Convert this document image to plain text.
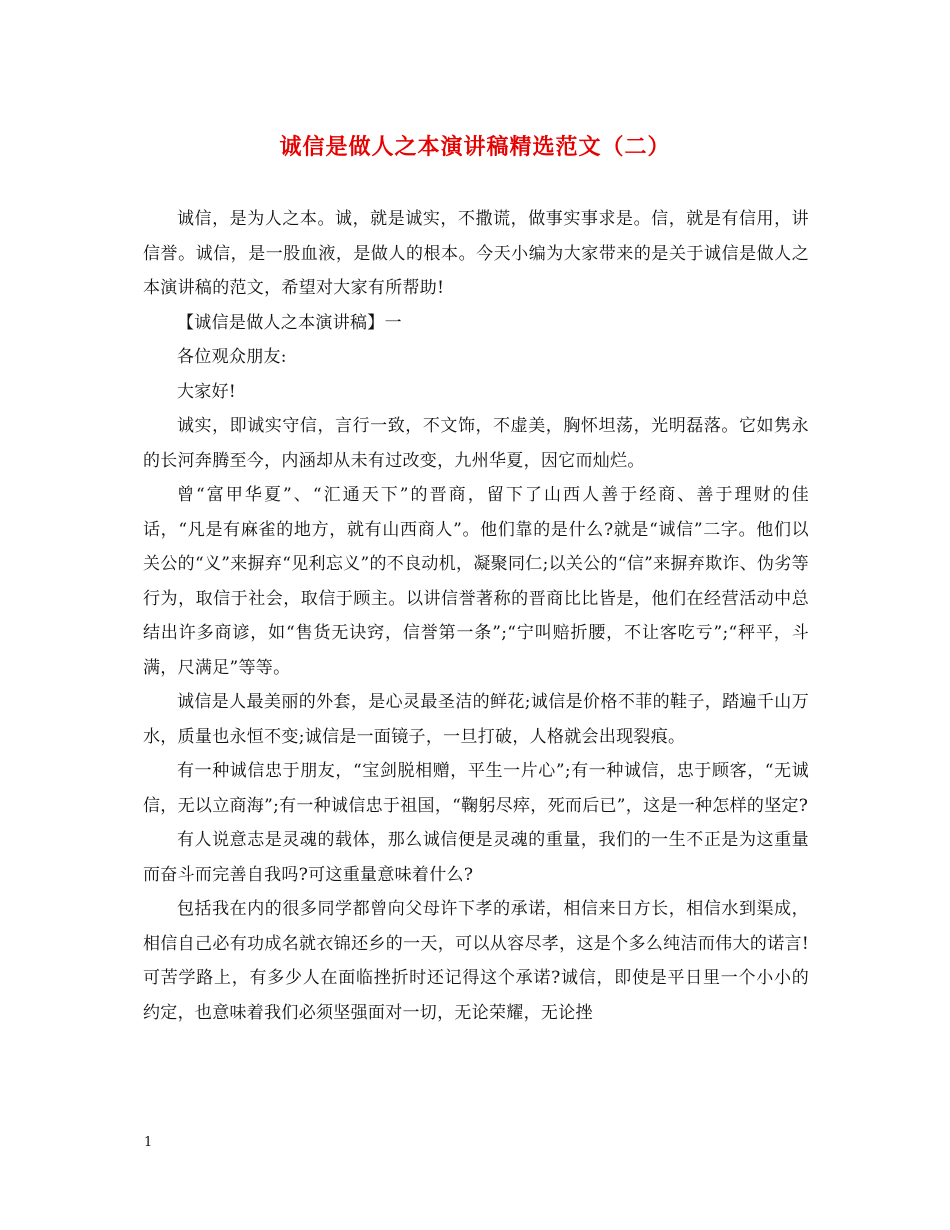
诚信是做人之本演讲稿精选范文（二）

诚信，是为人之本。诚，就是诚实，不撒谎，做事实事求是。信，就是有信用，讲信誉。诚信，是一股血液，是做人的根本。今天小编为大家带来的是关于诚信是做人之本演讲稿的范文，希望对大家有所帮助!

【诚信是做人之本演讲稿】一

各位观众朋友:

大家好!

诚实，即诚实守信，言行一致，不文饰，不虚美，胸怀坦荡，光明磊落。它如隽永的长河奔腾至今，内涵却从未有过改变，九州华夏，因它而灿烂。

曾“富甲华夏”、“汇通天下”的晋商，留下了山西人善于经商、善于理财的佳话，“凡是有麻雀的地方，就有山西商人”。他们靠的是什么?就是“诚信”二字。他们以关公的“义”来摒弃“见利忘义”的不良动机，凝聚同仁;以关公的“信”来摒弃欺诈、伪劣等行为，取信于社会，取信于顾主。以讲信誉著称的晋商比比皆是，他们在经营活动中总结出许多商谚，如“售货无诀窍，信誉第一条”;“宁叫赔折腰，不让客吃亏”;“秤平，斗满，尺满足”等等。

诚信是人最美丽的外套，是心灵最圣洁的鲜花;诚信是价格不菲的鞋子，踏遍千山万水，质量也永恒不变;诚信是一面镜子，一旦打破，人格就会出现裂痕。

有一种诚信忠于朋友，“宝剑脱相赠，平生一片心”;有一种诚信，忠于顾客，“无诚信，无以立商海”;有一种诚信忠于祖国，“鞠躬尽瘁，死而后已”，这是一种怎样的坚定?

有人说意志是灵魂的载体，那么诚信便是灵魂的重量，我们的一生不正是为这重量而奋斗而完善自我吗?可这重量意味着什么?

包括我在内的很多同学都曾向父母许下孝的承诺，相信来日方长，相信水到渠成，相信自己必有功成名就衣锦还乡的一天，可以从容尽孝，这是个多么纯洁而伟大的诺言!可苦学路上，有多少人在面临挫折时还记得这个承诺?诚信，即使是平日里一个小小的约定，也意味着我们必须坚强面对一切，无论荣耀，无论挫

1
